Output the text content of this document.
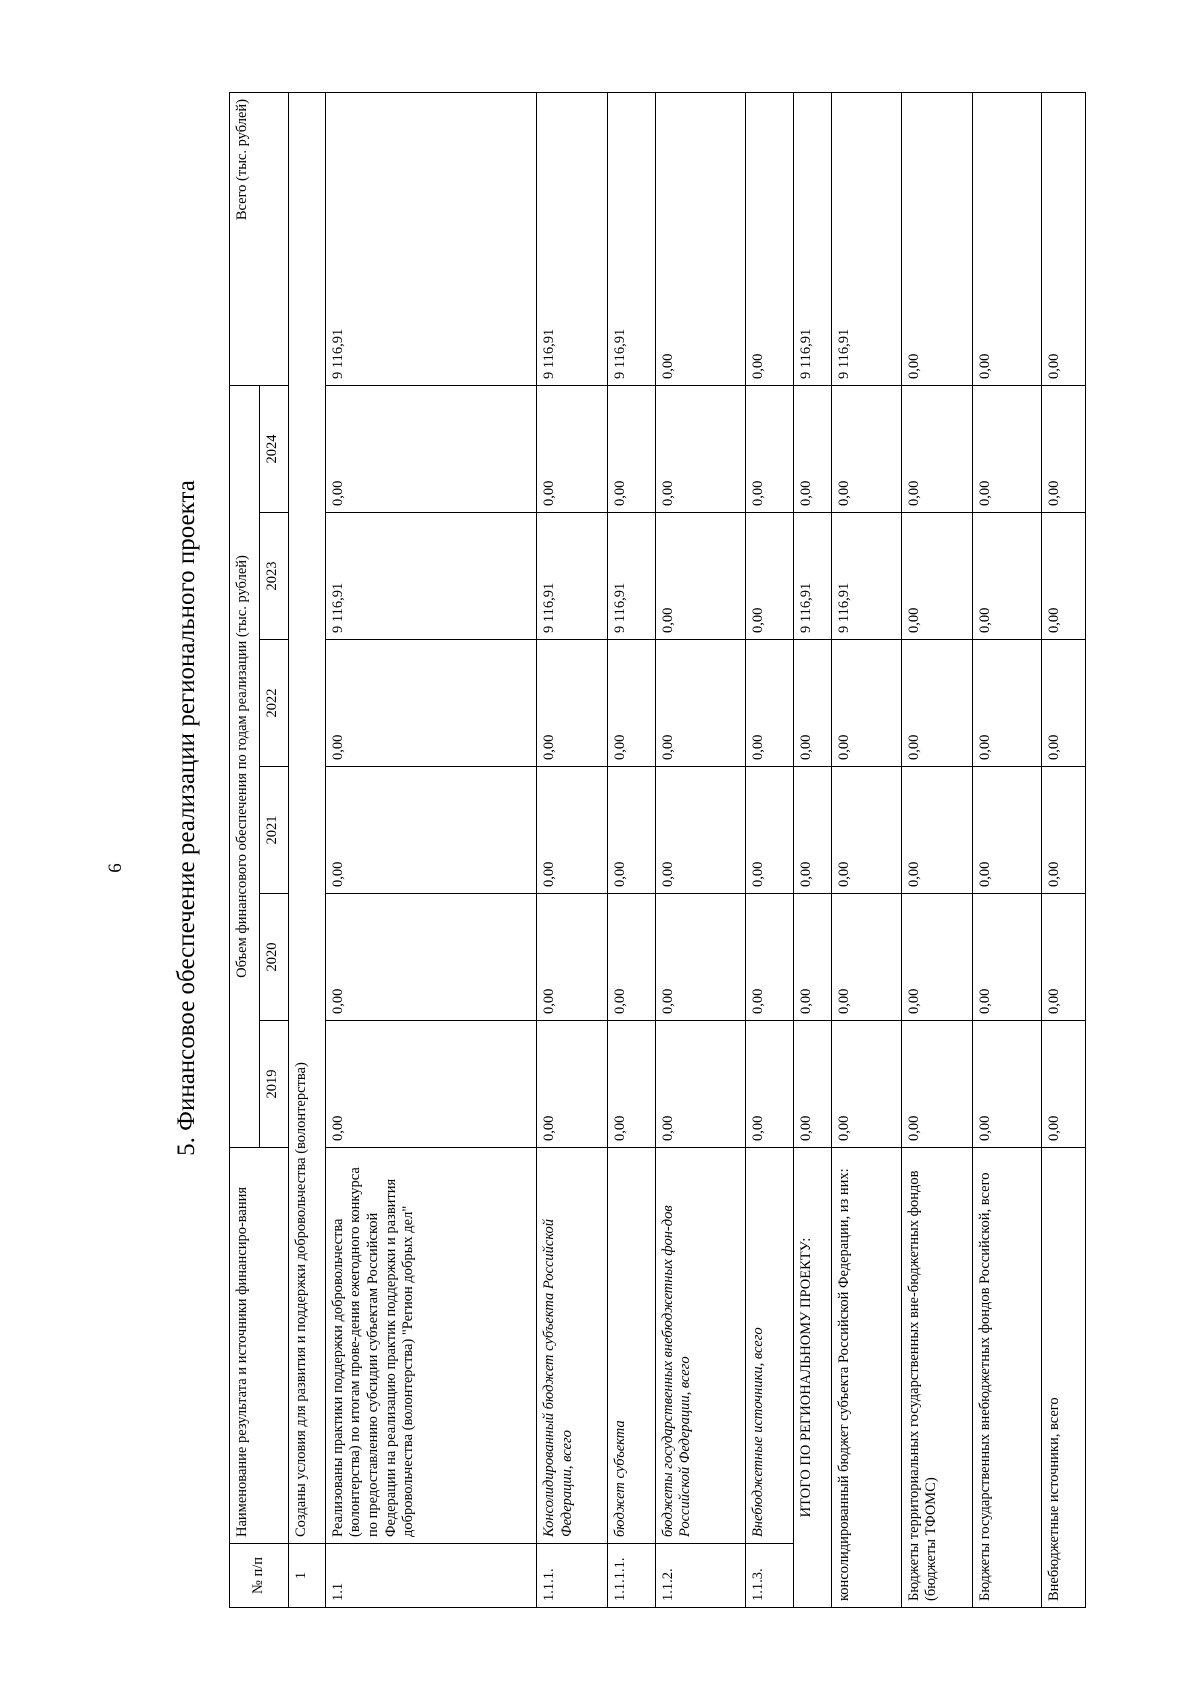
6 5. Финансовое обеспечение реализации регионального проекта
№ п/п	Наименование результата и источники финансиро-вания	Объем финансового обеспечения по годам реализации (тыс. рублей)						Всего (тыс. рублей)
		2019	2020	2021	2022	2023	2024	
1	Созданы условия для развития и поддержки добровольчества (волонтерства)							
1.1	Реализованы практики поддержки добровольчества (волонтерства) по итогам прове-дения ежегодного конкурса по предоставлению субсидии субъектам Российской Федерации на реализацию практик поддержки и развития добровольчества (волонтерства) "Регион добрых дел"	0,00	0,00	0,00	0,00	9 116,91	0,00	9 116,91
1.1.1.	Консолидированный бюджет субъекта Российской Федерации, всего	0,00	0,00	0,00	0,00	9 116,91	0,00	9 116,91
1.1.1.1.	бюджет субъекта	0,00	0,00	0,00	0,00	9 116,91	0,00	9 116,91
1.1.2.	бюджеты государственных внебюджетных фон-дов Российской Федерации, всего	0,00	0,00	0,00	0,00	0,00	0,00	0,00
1.1.3.	Внебюджетные источники, всего	0,00	0,00	0,00	0,00	0,00	0,00	0,00
ИТОГО ПО РЕГИОНАЛЬНОМУ ПРОЕКТУ:		0,00	0,00	0,00	0,00	9 116,91	0,00	9 116,91
консолидированный бюджет субъекта Российской Федерации, из них:		0,00	0,00	0,00	0,00	9 116,91	0,00	9 116,91
Бюджеты территориальных государственных вне-бюджетных фондов (бюджеты ТФОМС)		0,00	0,00	0,00	0,00	0,00	0,00	0,00
Бюджеты государственных внебюджетных фондов Российской, всего		0,00	0,00	0,00	0,00	0,00	0,00	0,00
Внебюджетные источники, всего		0,00	0,00	0,00	0,00	0,00	0,00	0,00
